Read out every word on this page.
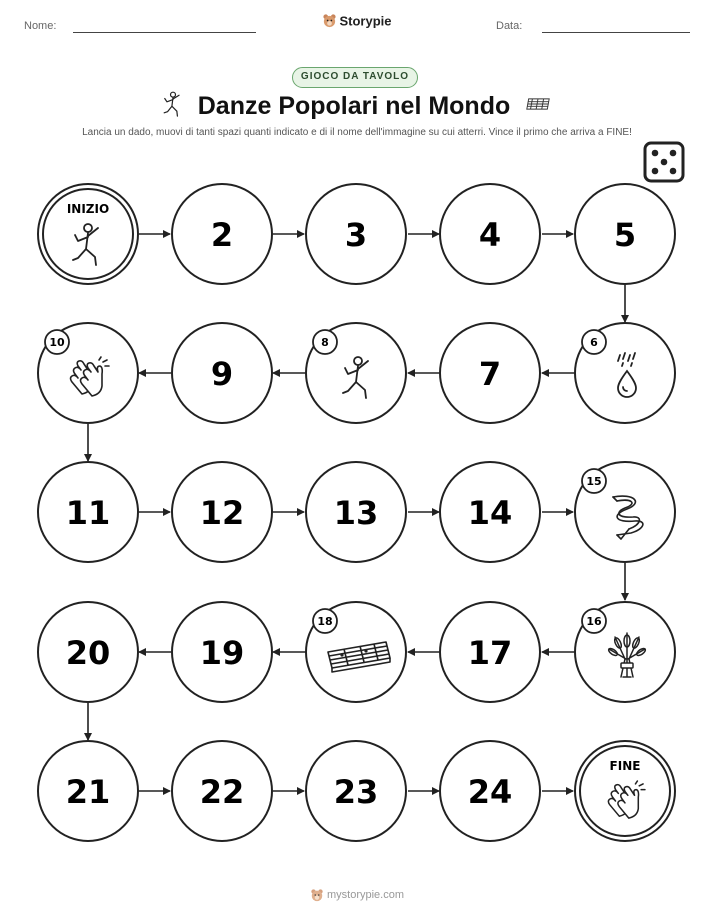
Nome:	Storypie	Data:
GIOCO DA TAVOLO
Danze Popolari nel Mondo
Lancia un dado, muovi di tanti spazi quanti indicato e di il nome dell'immagine su cui atterri. Vince il primo che arriva a FINE!
INIZIO
2	3	4	5
10
9
8
7
6
11	12	13	14
15
20	19
18
17
16
21	22	23	24
FINE
mystorypie.com
